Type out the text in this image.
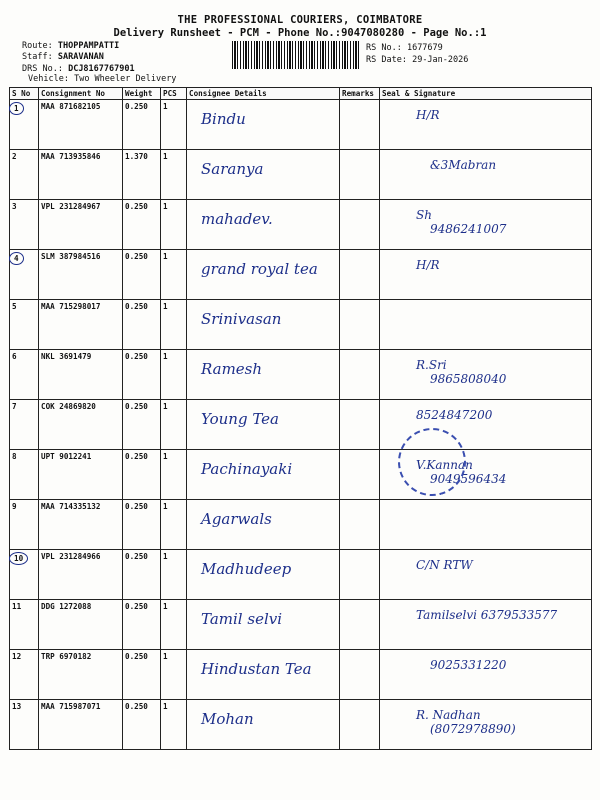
THE PROFESSIONAL COURIERS, COIMBATORE
Delivery Runsheet - PCM - Phone No.:9047080280 - Page No.:1
Route: THOPPAMPATTI
Staff: SARAVANAN
DRS No.: DCJ8167767901
Vehicle: Two Wheeler Delivery
RS No.: 1677679
RS Date: 29-Jan-2026
S No	Consignment No	Weight	PCS	Consignee Details	Remarks	Seal & Signature
1	MAA 871682105	0.250	1	Bindu		H/R

2	MAA 713935846	1.370	1	Saranya		&3Mabran

3	VPL 231284967	0.250	1	mahadev.		Sh
9486241007

4	SLM 387984516	0.250	1	grand royal tea		H/R

5	MAA 715298017	0.250	1	Srinivasan		

6	NKL 3691479	0.250	1	Ramesh		R.Sri
9865808040

7	COK 24869820	0.250	1	Young Tea		8524847200

8	UPT 9012241	0.250	1	Pachinayaki		V.Kannan
9049596434

9	MAA 714335132	0.250	1	Agarwals		

10	VPL 231284966	0.250	1	Madhudeep		C/N RTW

11	DDG 1272088	0.250	1	Tamil selvi		Tamilselvi 6379533577

12	TRP 6970182	0.250	1	Hindustan Tea		9025331220

13	MAA 715987071	0.250	1	Mohan		R. Nadhan
(8072978890)
